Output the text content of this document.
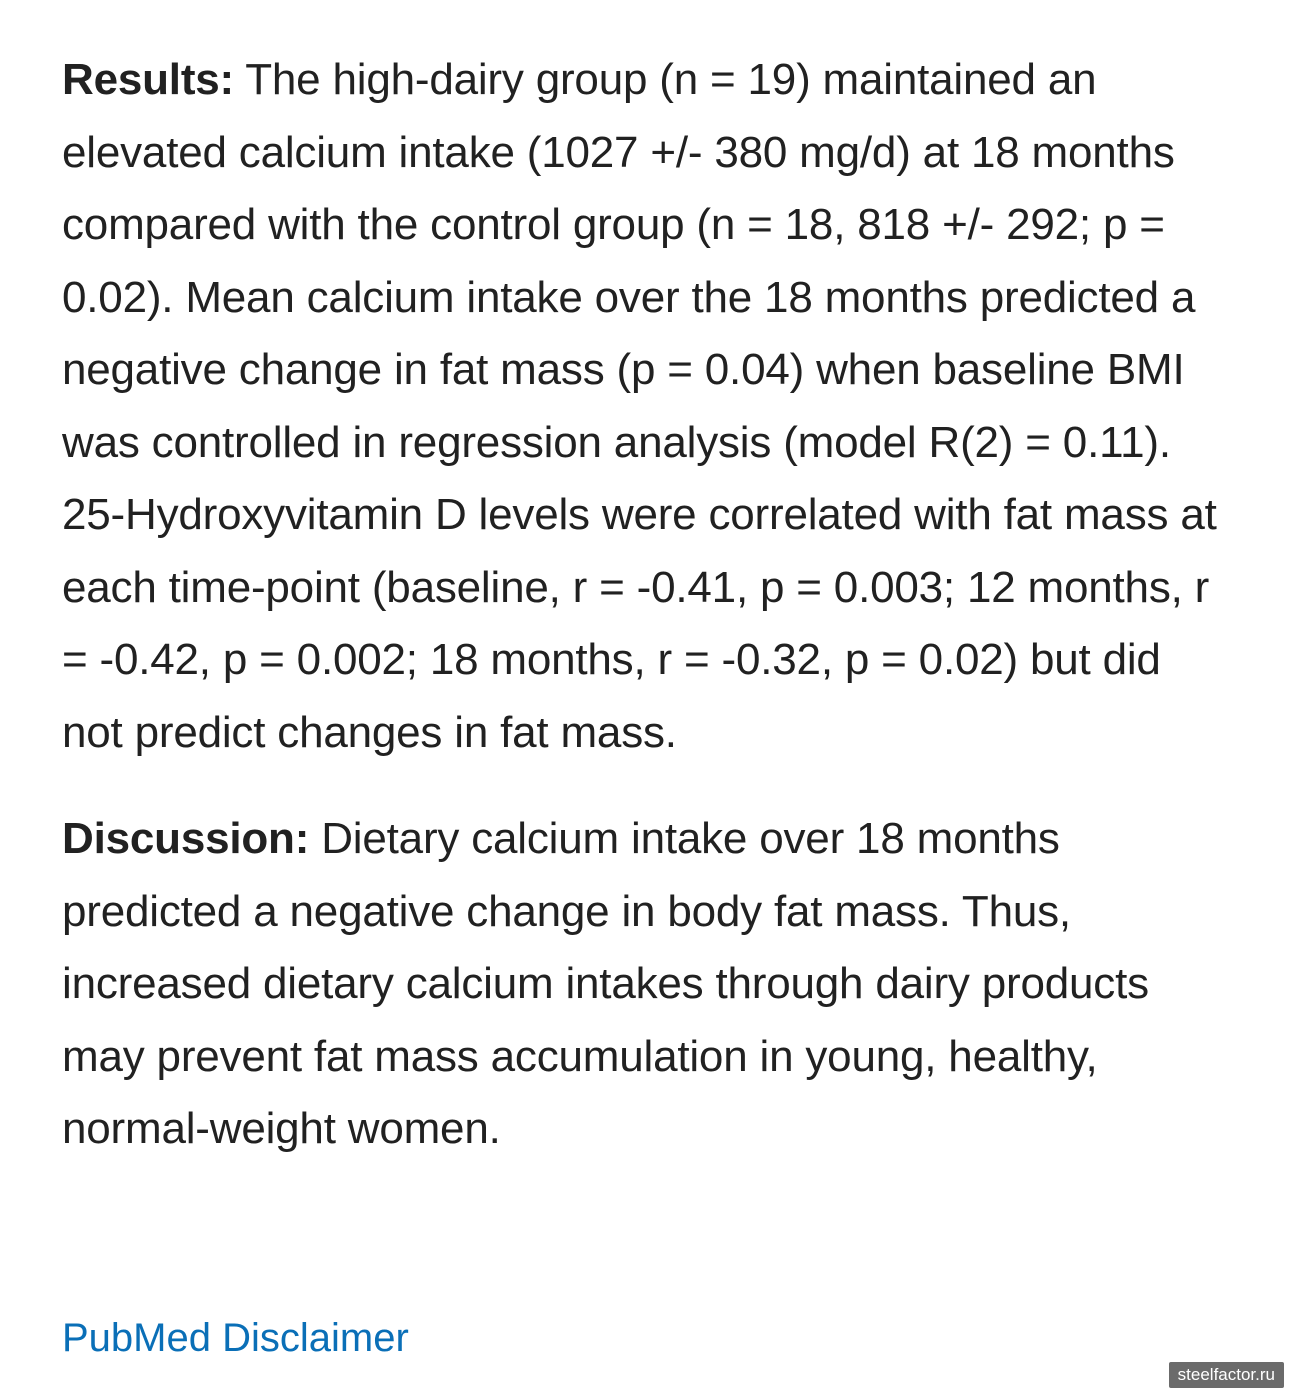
Results: The high-dairy group (n = 19) maintained an elevated calcium intake (1027 +/- 380 mg/d) at 18 months compared with the control group (n = 18, 818 +/- 292; p = 0.02). Mean calcium intake over the 18 months predicted a negative change in fat mass (p = 0.04) when baseline BMI was controlled in regression analysis (model R(2) = 0.11). 25-Hydroxyvitamin D levels were correlated with fat mass at each time-point (baseline, r = -0.41, p = 0.003; 12 months, r = -0.42, p = 0.002; 18 months, r = -0.32, p = 0.02) but did not predict changes in fat mass.

Discussion: Dietary calcium intake over 18 months predicted a negative change in body fat mass. Thus, increased dietary calcium intakes through dairy products may prevent fat mass accumulation in young, healthy, normal-weight women.

PubMed Disclaimer
steelfactor.ru
